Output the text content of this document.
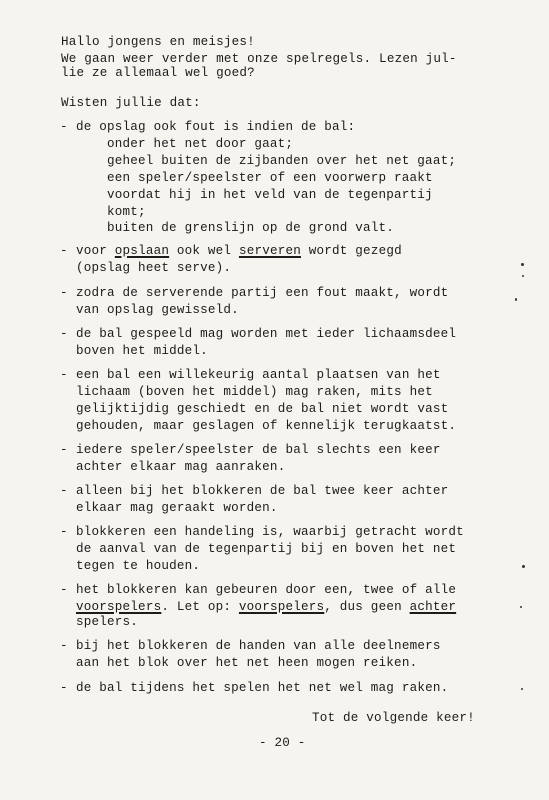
Hallo jongens en meisjes!
We gaan weer verder met onze spelregels. Lezen jul-
lie ze allemaal wel goed?
Wisten jullie dat:
- de opslag ook fout is indien de bal:
onder het net door gaat;
geheel buiten de zijbanden over het net gaat;
een speler/speelster of een voorwerp raakt
voordat hij in het veld van de tegenpartij
komt;
buiten de grenslijn op de grond valt.
- voor opslaan ook wel serveren wordt gezegd
(opslag heet serve).
- zodra de serverende partij een fout maakt, wordt
van opslag gewisseld.
- de bal gespeeld mag worden met ieder lichaamsdeel
boven het middel.
- een bal een willekeurig aantal plaatsen van het
lichaam (boven het middel) mag raken, mits het
gelijktijdig geschiedt en de bal niet wordt vast
gehouden, maar geslagen of kennelijk terugkaatst.
- iedere speler/speelster de bal slechts een keer
achter elkaar mag aanraken.
- alleen bij het blokkeren de bal twee keer achter
elkaar mag geraakt worden.
- blokkeren een handeling is, waarbij getracht wordt
de aanval van de tegenpartij bij en boven het net
tegen te houden.
- het blokkeren kan gebeuren door een, twee of alle
voorspelers. Let op: voorspelers, dus geen achter
spelers.
- bij het blokkeren de handen van alle deelnemers
aan het blok over het net heen mogen reiken.
- de bal tijdens het spelen het net wel mag raken.
Tot de volgende keer!
- 20 -
